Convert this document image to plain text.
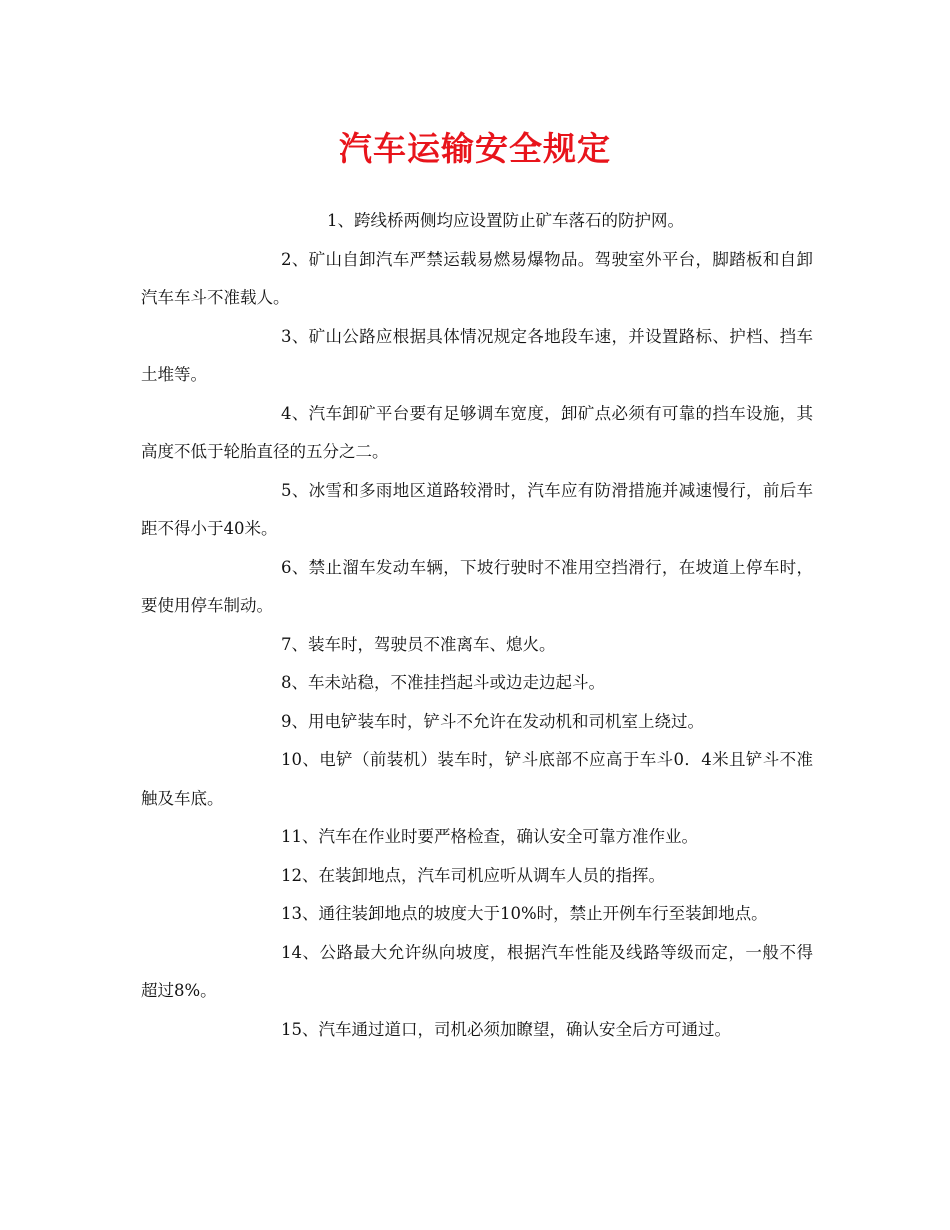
汽车运输安全规定

1、跨线桥两侧均应设置防止矿车落石的防护网。

2、矿山自卸汽车严禁运载易燃易爆物品。驾驶室外平台，脚踏板和自卸汽车车斗不准载人。

3、矿山公路应根据具体情况规定各地段车速，并设置路标、护档、挡车土堆等。

4、汽车卸矿平台要有足够调车宽度，卸矿点必须有可靠的挡车设施，其高度不低于轮胎直径的五分之二。

5、冰雪和多雨地区道路较滑时，汽车应有防滑措施并减速慢行，前后车距不得小于40米。

6、禁止溜车发动车辆，下坡行驶时不准用空挡滑行，在坡道上停车时，要使用停车制动。

7、装车时，驾驶员不准离车、熄火。

8、车未站稳，不准挂挡起斗或边走边起斗。

9、用电铲装车时，铲斗不允许在发动机和司机室上绕过。

10、电铲（前装机）装车时，铲斗底部不应高于车斗0．4米且铲斗不准触及车底。

11、汽车在作业时要严格检查，确认安全可靠方准作业。

12、在装卸地点，汽车司机应听从调车人员的指挥。

13、通往装卸地点的坡度大于10%时，禁止开例车行至装卸地点。

14、公路最大允许纵向坡度，根据汽车性能及线路等级而定，一般不得超过8%。

15、汽车通过道口，司机必须加瞭望，确认安全后方可通过。
